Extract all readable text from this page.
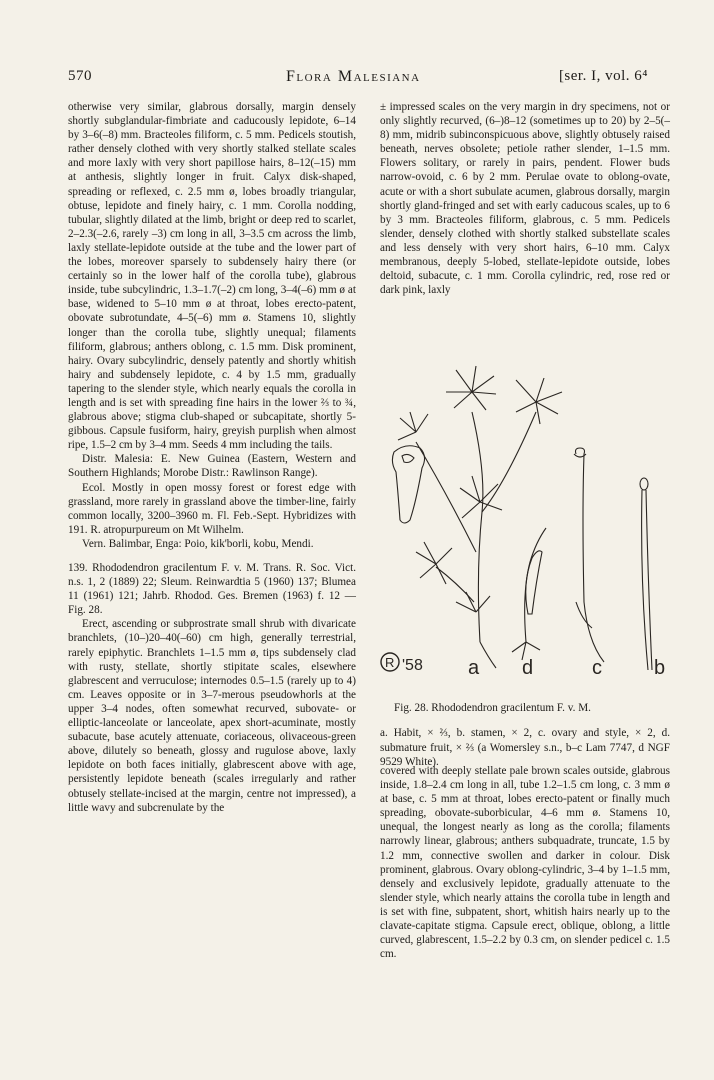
570	Flora Malesiana	[ser. I, vol. 6⁴

otherwise very similar, glabrous dorsally, margin densely shortly subglandular-fimbriate and caducously lepidote, 6–14 by 3–6(–8) mm. Bracteoles filiform, c. 5 mm. Pedicels stoutish, rather densely clothed with very shortly stalked stellate scales and more laxly with very short papillose hairs, 8–12(–15) mm at anthesis, slightly longer in fruit. Calyx disk-shaped, spreading or reflexed, c. 2.5 mm ø, lobes broadly triangular, obtuse, lepidote and finely hairy, c. 1 mm. Corolla nodding, tubular, slightly dilated at the limb, bright or deep red to scarlet, 2–2.3(–2.6, rarely –3) cm long in all, 3–3.5 cm across the limb, laxly stellate-lepidote outside at the tube and the lower part of the lobes, moreover sparsely to subdensely hairy there (or certainly so in the lower half of the corolla tube), glabrous inside, tube subcylindric, 1.3–1.7(–2) cm long, 3–4(–6) mm ø at base, widened to 5–10 mm ø at throat, lobes erecto-patent, obovate subrotundate, 4–5(–6) mm ø. Stamens 10, slightly longer than the corolla tube, slightly unequal; filaments filiform, glabrous; anthers oblong, c. 1.5 mm. Disk prominent, hairy. Ovary subcylindric, densely patently and shortly whitish hairy and subdensely lepidote, c. 4 by 1.5 mm, gradually tapering to the slender style, which nearly equals the corolla in length and is set with spreading fine hairs in the lower ⅔ to ¾, glabrous above; stigma club-shaped or subcapitate, shortly 5-gibbous. Capsule fusiform, hairy, greyish purplish when almost ripe, 1.5–2 cm by 3–4 mm. Seeds 4 mm including the tails.

Distr. Malesia: E. New Guinea (Eastern, Western and Southern Highlands; Morobe Distr.: Rawlinson Range).

Ecol. Mostly in open mossy forest or forest edge with grassland, more rarely in grassland above the timber-line, fairly common locally, 3200–3960 m. Fl. Feb.-Sept. Hybridizes with 191. R. atropurpureum on Mt Wilhelm.

Vern. Balimbar, Enga: Poio, kik'borli, kobu, Mendi.

139. Rhododendron gracilentum F. v. M. Trans. R. Soc. Vict. n.s. 1, 2 (1889) 22; Sleum. Reinwardtia 5 (1960) 137; Blumea 11 (1961) 121; Jahrb. Rhodod. Ges. Bremen (1963) f. 12 — Fig. 28.

Erect, ascending or subprostrate small shrub with divaricate branchlets, (10–)20–40(–60) cm high, generally terrestrial, rarely epiphytic. Branchlets 1–1.5 mm ø, tips subdensely clad with rusty, stellate, shortly stipitate scales, elsewhere glabrescent and verruculose; internodes 0.5–1.5 (rarely up to 4) cm. Leaves opposite or in 3–7-merous pseudowhorls at the upper 3–4 nodes, often somewhat recurved, subovate- or elliptic-lanceolate or lanceolate, apex short-acuminate, mostly subacute, base acutely attenuate, coriaceous, olivaceous-green above, dilutely so beneath, glossy and rugulose above, laxly lepidote on both faces initially, glabrescent above with age, persistently lepidote beneath (scales irregularly and rather obtusely stellate-incised at the margin, centre not impressed), a little wavy and subcrenulate by the

± impressed scales on the very margin in dry specimens, not or only slightly recurved, (6–)8–12 (sometimes up to 20) by 2–5(–8) mm, midrib subinconspicuous above, slightly obtusely raised beneath, nerves obsolete; petiole rather slender, 1–1.5 mm. Flowers solitary, or rarely in pairs, pendent. Flower buds narrow-ovoid, c. 6 by 2 mm. Perulae ovate to oblong-ovate, acute or with a short subulate acumen, glabrous dorsally, margin shortly gland-fringed and set with early caducous scales, up to 6 by 3 mm. Bracteoles filiform, glabrous, c. 5 mm. Pedicels slender, densely clothed with shortly stalked substellate scales and less densely with very short hairs, 6–10 mm. Calyx membranous, deeply 5-lobed, stellate-lepidote outside, lobes deltoid, subacute, c. 1 mm. Corolla cylindric, red, rose red or dark pink, laxly

R '58 a d	c	b

Fig. 28. Rhododendron gracilentum F. v. M.

a. Habit, × ⅔, b. stamen, × 2, c. ovary and style, × 2, d. submature fruit, × ⅔ (a Womersley s.n., b–c Lam 7747, d NGF 9529 White).

covered with deeply stellate pale brown scales outside, glabrous inside, 1.8–2.4 cm long in all, tube 1.2–1.5 cm long, c. 3 mm ø at base, c. 5 mm at throat, lobes erecto-patent or finally much spreading, obovate-suborbicular, 4–6 mm ø. Stamens 10, unequal, the longest nearly as long as the corolla; filaments narrowly linear, glabrous; anthers subquadrate, truncate, 1.5 by 1.2 mm, connective swollen and darker in colour. Disk prominent, glabrous. Ovary oblong-cylindric, 3–4 by 1–1.5 mm, densely and exclusively lepidote, gradually attenuate to the slender style, which nearly attains the corolla tube in length and is set with fine, subpatent, short, whitish hairs nearly up to the clavate-capitate stigma. Capsule erect, oblique, oblong, a little curved, glabrescent, 1.5–2.2 by 0.3 cm, on slender pedicel c. 1.5 cm.
